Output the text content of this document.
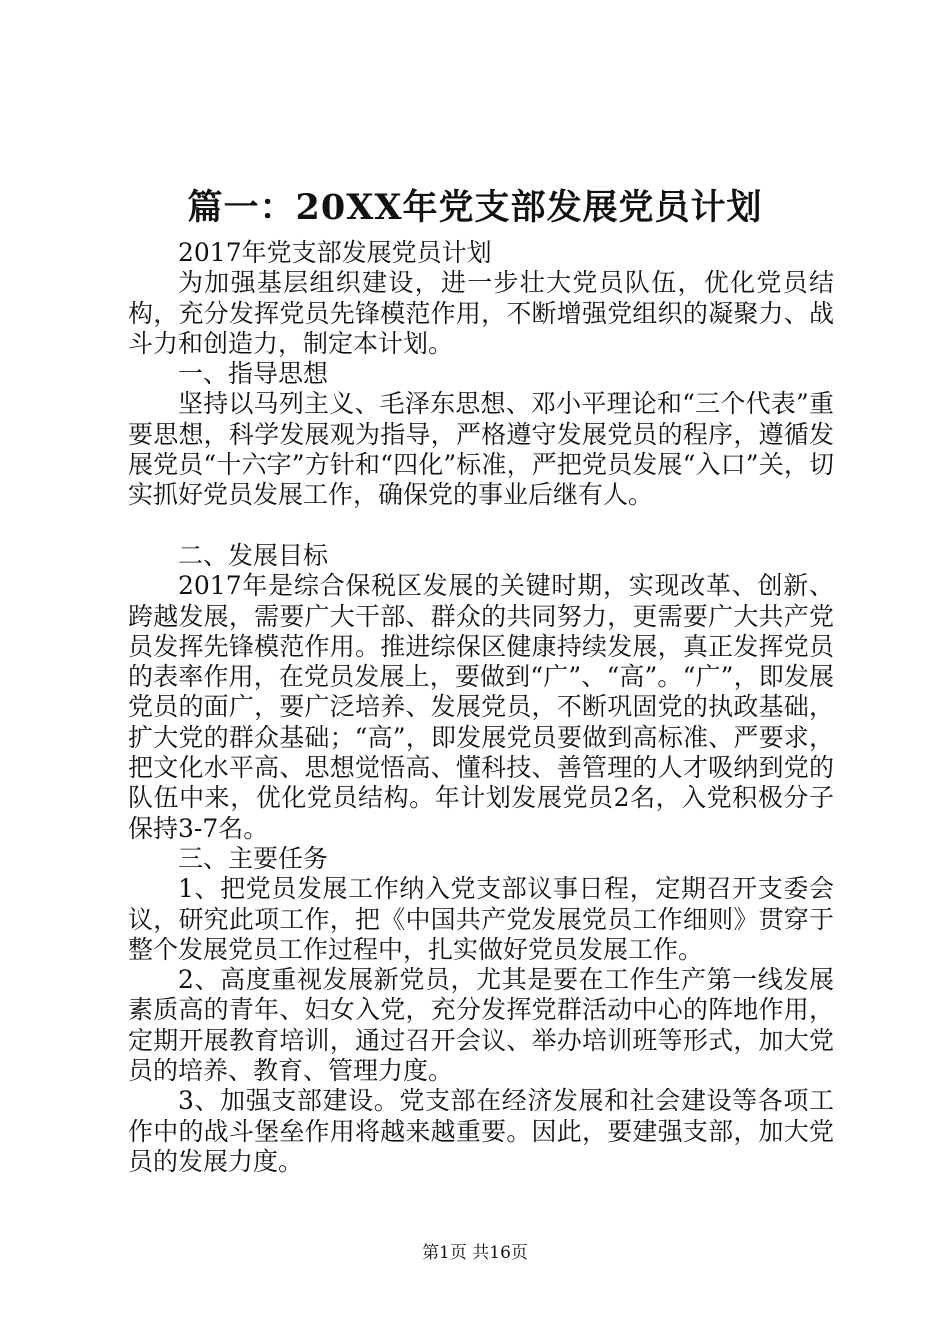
篇一：20XX年党支部发展党员计划

2017年党支部发展党员计划

为加强基层组织建设，进一步壮大党员队伍，优化党员结构，充分发挥党员先锋模范作用，不断增强党组织的凝聚力、战斗力和创造力，制定本计划。

一、指导思想

坚持以马列主义、毛泽东思想、邓小平理论和“三个代表”重要思想，科学发展观为指导，严格遵守发展党员的程序，遵循发展党员“十六字”方针和“四化”标准，严把党员发展“入口”关，切实抓好党员发展工作，确保党的事业后继有人。

二、发展目标

2017年是综合保税区发展的关键时期，实现改革、创新、跨越发展，需要广大干部、群众的共同努力，更需要广大共产党员发挥先锋模范作用。推进综保区健康持续发展，真正发挥党员的表率作用，在党员发展上，要做到“广”、“高”。“广”，即发展党员的面广，要广泛培养、发展党员，不断巩固党的执政基础，扩大党的群众基础；“高”，即发展党员要做到高标准、严要求，把文化水平高、思想觉悟高、懂科技、善管理的人才吸纳到党的队伍中来，优化党员结构。年计划发展党员2名，入党积极分子保持3-7名。

三、主要任务

1、把党员发展工作纳入党支部议事日程，定期召开支委会议，研究此项工作，把《中国共产党发展党员工作细则》贯穿于整个发展党员工作过程中，扎实做好党员发展工作。

2、高度重视发展新党员，尤其是要在工作生产第一线发展素质高的青年、妇女入党，充分发挥党群活动中心的阵地作用，定期开展教育培训，通过召开会议、举办培训班等形式，加大党员的培养、教育、管理力度。

3、加强支部建设。党支部在经济发展和社会建设等各项工作中的战斗堡垒作用将越来越重要。因此，要建强支部，加大党员的发展力度。

第1页 共16页
